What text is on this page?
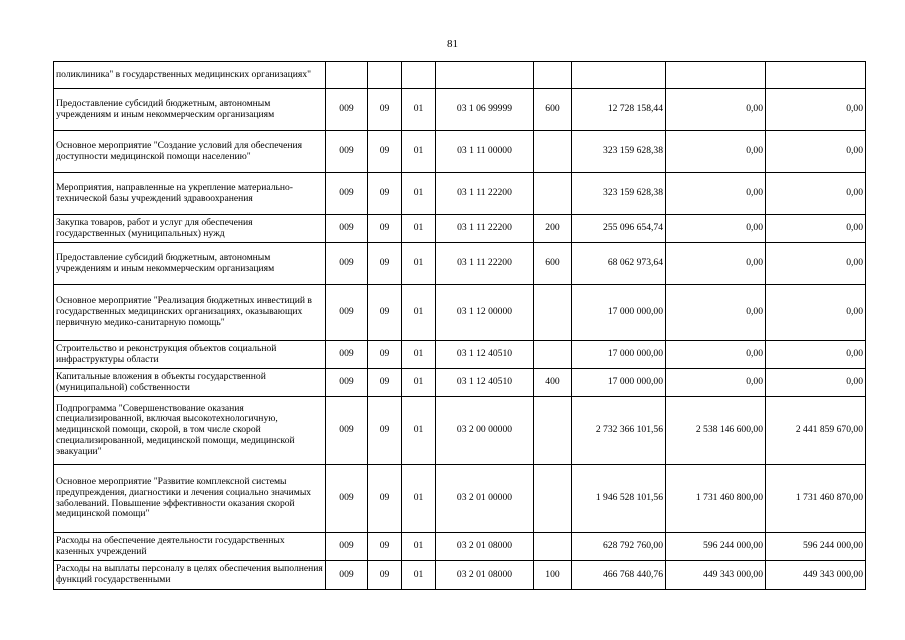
81
поликлиника" в государственных медицинских организациях"								
Предоставление субсидий бюджетным, автономным учреждениям и иным некоммерческим организациям	009	09	01	03 1 06 99999	600	12 728 158,44	0,00	0,00
Основное мероприятие "Создание условий для обеспечения доступности медицинской помощи населению"	009	09	01	03 1 11 00000		323 159 628,38	0,00	0,00
Мероприятия, направленные на укрепление материально-технической базы учреждений здравоохранения	009	09	01	03 1 11 22200		323 159 628,38	0,00	0,00
Закупка товаров, работ и услуг для обеспечения государственных (муниципальных) нужд	009	09	01	03 1 11 22200	200	255 096 654,74	0,00	0,00
Предоставление субсидий бюджетным, автономным учреждениям и иным некоммерческим организациям	009	09	01	03 1 11 22200	600	68 062 973,64	0,00	0,00
Основное мероприятие "Реализация бюджетных инвестиций в государственных медицинских организациях, оказывающих первичную медико-санитарную помощь"	009	09	01	03 1 12 00000		17 000 000,00	0,00	0,00
Строительство и реконструкция объектов социальной инфраструктуры области	009	09	01	03 1 12 40510		17 000 000,00	0,00	0,00
Капитальные вложения в объекты государственной (муниципальной) собственности	009	09	01	03 1 12 40510	400	17 000 000,00	0,00	0,00
Подпрограмма "Совершенствование оказания специализированной, включая высокотехнологичную, медицинской помощи, скорой, в том числе скорой специализированной, медицинской помощи, медицинской эвакуации"	009	09	01	03 2 00 00000		2 732 366 101,56	2 538 146 600,00	2 441 859 670,00
Основное мероприятие "Развитие комплексной системы предупреждения, диагностики и лечения социально значимых заболеваний. Повышение эффективности оказания скорой медицинской помощи"	009	09	01	03 2 01 00000		1 946 528 101,56	1 731 460 800,00	1 731 460 870,00
Расходы на обеспечение деятельности государственных казенных учреждений	009	09	01	03 2 01 08000		628 792 760,00	596 244 000,00	596 244 000,00
Расходы на выплаты персоналу в целях обеспечения выполнения функций государственными	009	09	01	03 2 01 08000	100	466 768 440,76	449 343 000,00	449 343 000,00
